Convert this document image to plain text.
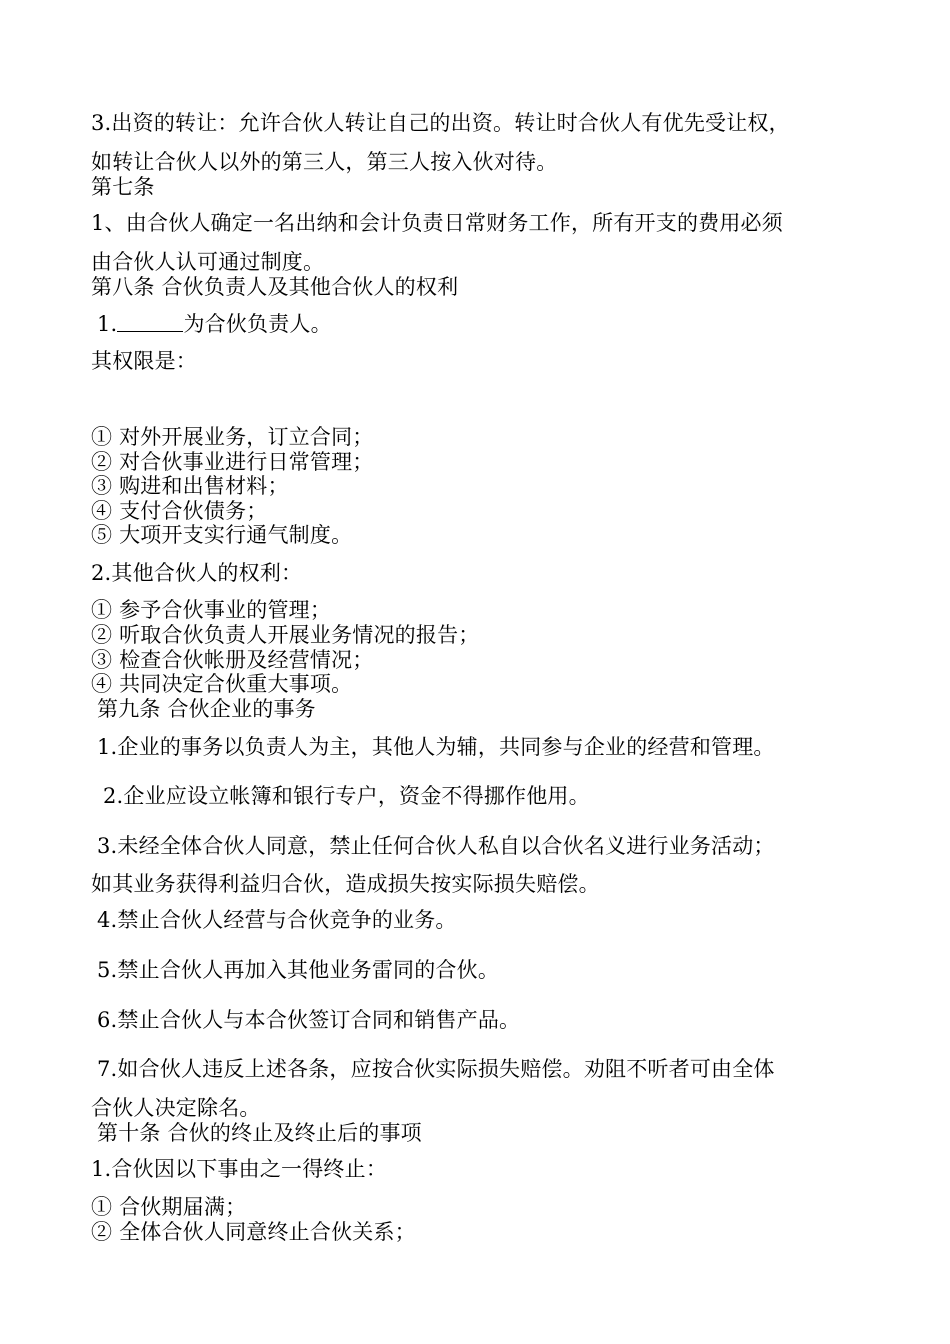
3.出资的转让：允许合伙人转让自己的出资。转让时合伙人有优先受让权，
如转让合伙人以外的第三人，第三人按入伙对待。
第七条
1、由合伙人确定一名出纳和会计负责日常财务工作，所有开支的费用必须
由合伙人认可通过制度。
第八条 合伙负责人及其他合伙人的权利
1.	为合伙负责人。
其权限是：
① 对外开展业务，订立合同；
② 对合伙事业进行日常管理；
③ 购进和出售材料；
④ 支付合伙债务；
⑤ 大项开支实行通气制度。
2.其他合伙人的权利：
① 参予合伙事业的管理；
② 听取合伙负责人开展业务情况的报告；
③ 检查合伙帐册及经营情况；
④ 共同决定合伙重大事项。
第九条 合伙企业的事务
1.企业的事务以负责人为主，其他人为辅，共同参与企业的经营和管理。
2.企业应设立帐簿和银行专户，资金不得挪作他用。
3.未经全体合伙人同意，禁止任何合伙人私自以合伙名义进行业务活动；
如其业务获得利益归合伙，造成损失按实际损失赔偿。
4.禁止合伙人经营与合伙竞争的业务。
5.禁止合伙人再加入其他业务雷同的合伙。
6.禁止合伙人与本合伙签订合同和销售产品。
7.如合伙人违反上述各条，应按合伙实际损失赔偿。劝阻不听者可由全体
合伙人决定除名。
第十条 合伙的终止及终止后的事项
1.合伙因以下事由之一得终止：
① 合伙期届满；
② 全体合伙人同意终止合伙关系；
